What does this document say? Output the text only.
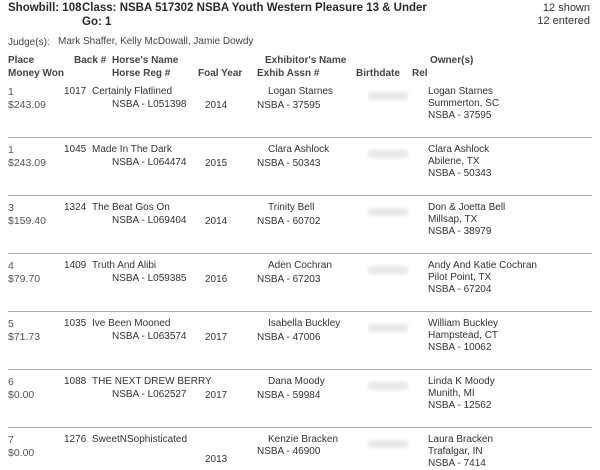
Showbill: 108 Class: NSBA 517302 NSBA Youth Western Pleasure 13 & Under
Go: 1
12 shown
12 entered
Judge(s): Mark Shaffer, Kelly McDowall, Jamie Dowdy
Place
Money Won
Back # Horse's Name
Horse Reg #	Foal Year
Exhibitor's Name
Exhib Assn #	Birthdate Rel
Owner(s)
1
$243.09
1017 Certainly Flatlined
NSBA - L051398 2014
Logan Starnes
NSBA - 37595
Logan Starnes
Summerton, SC
NSBA - 37595
1
$243.09
1045 Made In The Dark
NSBA - L064474 2015
Clara Ashlock
NSBA - 50343
Clara Ashlock
Abilene, TX
NSBA - 50343
3
$159.40
1324 The Beat Gos On
NSBA - L069404 2014
Trinity Bell
NSBA - 60702
Don & Joetta Bell
Millsap, TX
NSBA - 38979
4
$79.70
1409 Truth And Alibi
NSBA - L059385 2016
Aden Cochran
NSBA - 67203
Andy And Katie Cochran
Pilot Point, TX
NSBA - 67204
5
$71.73
1035 Ive Been Mooned
NSBA - L063574 2017
Isabella Buckley
NSBA - 47006
William Buckley
Hampstead, CT
NSBA - 10062
6
$0.00
1088 THE NEXT DREW BERRY
NSBA - L062527 2017
Dana Moody
NSBA - 59984
Linda K Moody
Munith, MI
NSBA - 12562
7
$0.00
1276 SweetNSophisticated
2013
Kenzie Bracken
NSBA - 46900
Laura Bracken
Trafalgar, IN
NSBA - 7414
